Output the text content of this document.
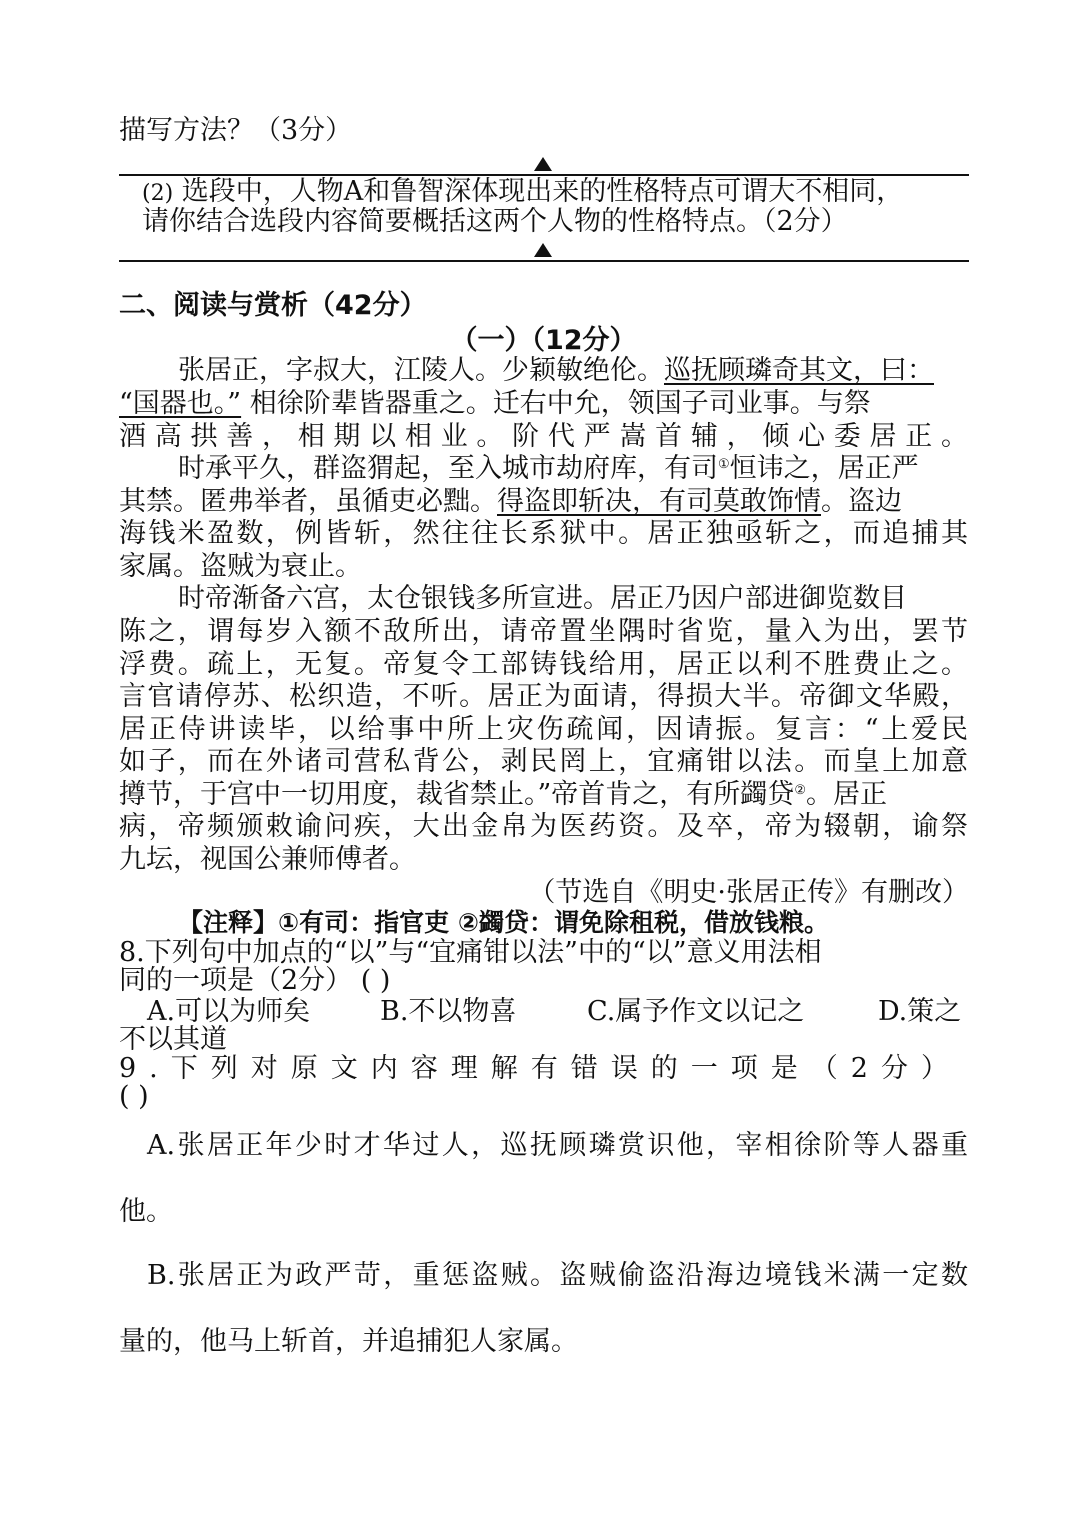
描写方法？（3分）
(2) 选段中，人物A和鲁智深体现出来的性格特点可谓大不相同，
请你结合选段内容简要概括这两个人物的性格特点。（2分）
二、阅读与赏析（42分）
（一）（12分）
张居正，字叔大，江陵人。少颖敏绝伦。巡抚顾璘奇其文，曰：
“国器也。” 相徐阶辈皆器重之。迁右中允，领国子司业事。与祭
酒高拱善，相期以相业。阶代严嵩首辅，倾心委居正。
时承平久，群盗猬起，至入城市劫府库，有司①恒讳之，居正严
其禁。匿弗举者，虽循吏必黜。得盗即斩决，有司莫敢饰情。盗边
海钱米盈数，例皆斩，然往往长系狱中。居正独亟斩之，而追捕其
家属。盗贼为衰止。
时帝渐备六宫，太仓银钱多所宣进。居正乃因户部进御览数目
陈之，谓每岁入额不敌所出，请帝置坐隅时省览，量入为出，罢节
浮费。疏上，无复。帝复令工部铸钱给用，居正以利不胜费止之。
言官请停苏、松织造，不听。居正为面请，得损大半。帝御文华殿，
居正侍讲读毕，以给事中所上灾伤疏闻，因请振。复言：“上爱民
如子，而在外诸司营私背公，剥民罔上，宜痛钳以法。而皇上加意
撙节，于宫中一切用度，裁省禁止。”帝首肯之，有所蠲贷②。居正
病，帝频颁敕谕问疾，大出金帛为医药资。及卒，帝为辍朝，谕祭
九坛，视国公兼师傅者。
（节选自《明史·张居正传》有删改）
【注释】①有司：指官吏 ②蠲贷：谓免除租税，借放钱粮。
8.下列句中加点的“以”与“宜痛钳以法”中的“以”意义用法相
同的一项是（2分） ( )
A.可以为师矣	B.不以物喜	C.属予作文以记之	D.策之
不以其道
9.下列对原文内容理解有错误的一项是（2分）
( )
A.张居正年少时才华过人，巡抚顾璘赏识他，宰相徐阶等人器重
他。
B.张居正为政严苛，重惩盗贼。盗贼偷盗沿海边境钱米满一定数
量的，他马上斩首，并追捕犯人家属。
